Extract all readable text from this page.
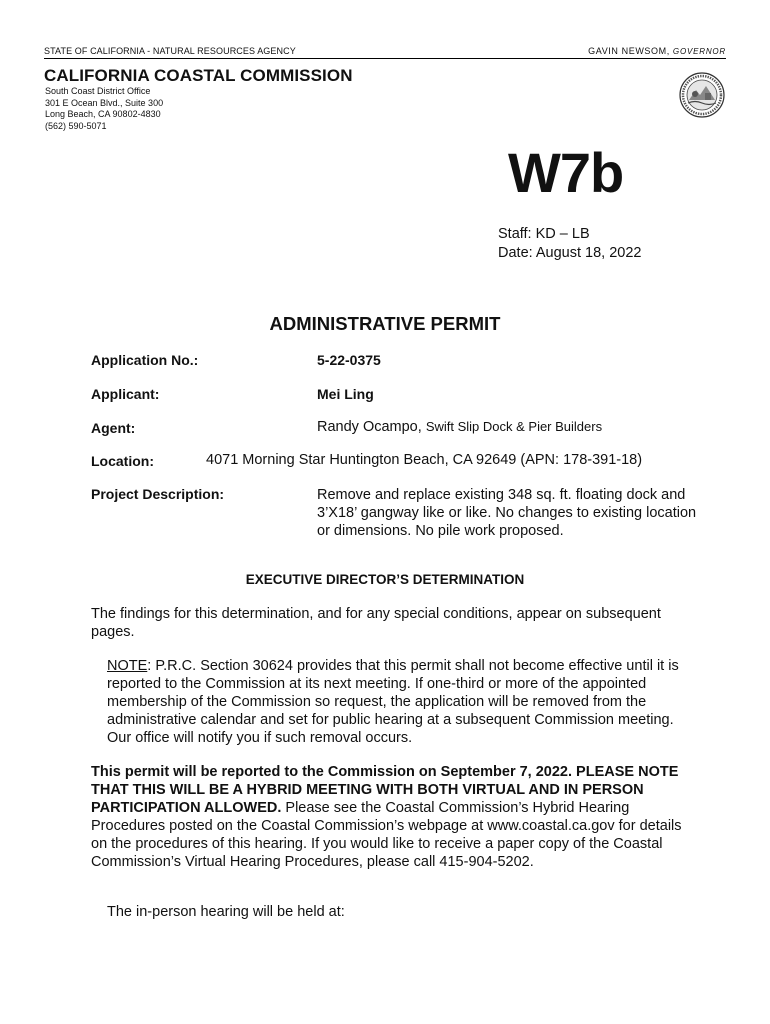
STATE OF CALIFORNIA - NATURAL RESOURCES AGENCY	GAVIN NEWSOM, GOVERNOR
CALIFORNIA COASTAL COMMISSION
South Coast District Office
301 E Ocean Blvd., Suite 300
Long Beach, CA 90802-4830
(562) 590-5071
W7b
Staff: KD – LB
Date: August 18, 2022
ADMINISTRATIVE PERMIT
Application No.:	5-22-0375
Applicant:	Mei Ling
Agent:	Randy Ocampo, Swift Slip Dock & Pier Builders
Location:	4071 Morning Star Huntington Beach, CA 92649 (APN: 178-391-18)
Project Description:	Remove and replace existing 348 sq. ft. floating dock and 3’X18’ gangway like or like. No changes to existing location or dimensions. No pile work proposed.
EXECUTIVE DIRECTOR’S DETERMINATION
The findings for this determination, and for any special conditions, appear on subsequent pages.
NOTE: P.R.C. Section 30624 provides that this permit shall not become effective until it is reported to the Commission at its next meeting. If one-third or more of the appointed membership of the Commission so request, the application will be removed from the administrative calendar and set for public hearing at a subsequent Commission meeting. Our office will notify you if such removal occurs.
This permit will be reported to the Commission on September 7, 2022. PLEASE NOTE THAT THIS WILL BE A HYBRID MEETING WITH BOTH VIRTUAL AND IN PERSON PARTICIPATION ALLOWED. Please see the Coastal Commission’s Hybrid Hearing Procedures posted on the Coastal Commission’s webpage at www.coastal.ca.gov for details on the procedures of this hearing. If you would like to receive a paper copy of the Coastal Commission’s Virtual Hearing Procedures, please call 415-904-5202.
The in-person hearing will be held at:
